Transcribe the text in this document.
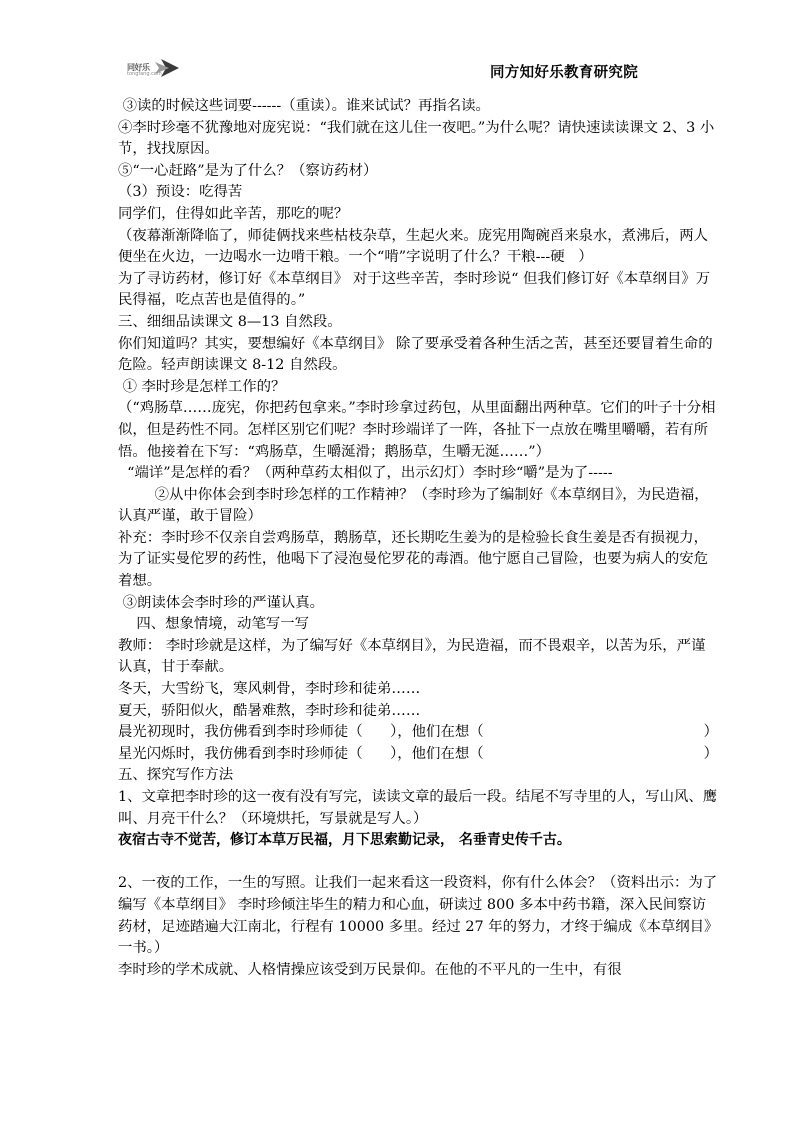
同好乐
tongfang.com	同方知好乐教育研究院

③读的时候这些词要------（重读）。谁来试试？再指名读。

④李时珍毫不犹豫地对庞宪说：“我们就在这儿住一夜吧。”为什么呢？请快速读读课文 2、3 小节，找找原因。

⑤“一心赶路”是为了什么？（察访药材）

（3）预设：吃得苦

同学们，住得如此辛苦，那吃的呢？

（夜幕渐渐降临了，师徒俩找来些枯枝杂草，生起火来。庞宪用陶碗舀来泉水，煮沸后，两人便坐在火边，一边喝水一边啃干粮。一个“啃”字说明了什么？干粮---硬   ）

为了寻访药材，修订好《本草纲目》 对于这些辛苦，李时珍说“ 但我们修订好《本草纲目》万民得福，吃点苦也是值得的。”

三、细细品读课文 8—13 自然段。

你们知道吗？其实，要想编好《本草纲目》 除了要承受着各种生活之苦，甚至还要冒着生命的危险。轻声朗读课文 8-12 自然段。

① 李时珍是怎样工作的？

（“鸡肠草……庞宪，你把药包拿来。”李时珍拿过药包，从里面翻出两种草。它们的叶子十分相似，但是药性不同。怎样区别它们呢？李时珍端详了一阵，各扯下一点放在嘴里嚼嚼，若有所悟。他接着在下写：“鸡肠草，生嚼涎滑；鹅肠草，生嚼无涎……”）

“端详”是怎样的看？（两种草药太相似了，出示幻灯）李时珍“嚼”是为了-----

②从中你体会到李时珍怎样的工作精神？（李时珍为了编制好《本草纲目》，为民造福，认真严谨，敢于冒险）

补充：李时珍不仅亲自尝鸡肠草，鹅肠草，还长期吃生姜为的是检验长食生姜是否有损视力，为了证实曼佗罗的药性，他喝下了浸泡曼佗罗花的毒酒。他宁愿自己冒险，也要为病人的安危着想。

③朗读体会李时珍的严谨认真。

四、想象情境，动笔写一写

教师： 李时珍就是这样，为了编写好《本草纲目》，为民造福，而不畏艰辛，以苦为乐，严谨认真，甘于奉献。

冬天，大雪纷飞，寒风刺骨，李时珍和徒弟……

夏天，骄阳似火，酷暑难熬，李时珍和徒弟……

晨光初现时，我仿佛看到李时珍师徒（      ），他们在想（	）
星光闪烁时，我仿佛看到李时珍师徒（      ），他们在想（	）

五、探究写作方法

1、文章把李时珍的这一夜有没有写完，读读文章的最后一段。结尾不写寺里的人，写山风、鹰叫、月亮干什么？（环境烘托，写景就是写人。）

夜宿古寺不觉苦，修订本草万民福，月下思索勤记录， 名垂青史传千古。

2、一夜的工作，一生的写照。让我们一起来看这一段资料，你有什么体会？（资料出示：为了编写《本草纲目》 李时珍倾注毕生的精力和心血，研读过 800 多本中药书籍，深入民间察访药材，足迹踏遍大江南北，行程有 10000 多里。经过 27 年的努力，才终于编成《本草纲目》一书。）

李时珍的学术成就、人格情操应该受到万民景仰。在他的不平凡的一生中，有很
